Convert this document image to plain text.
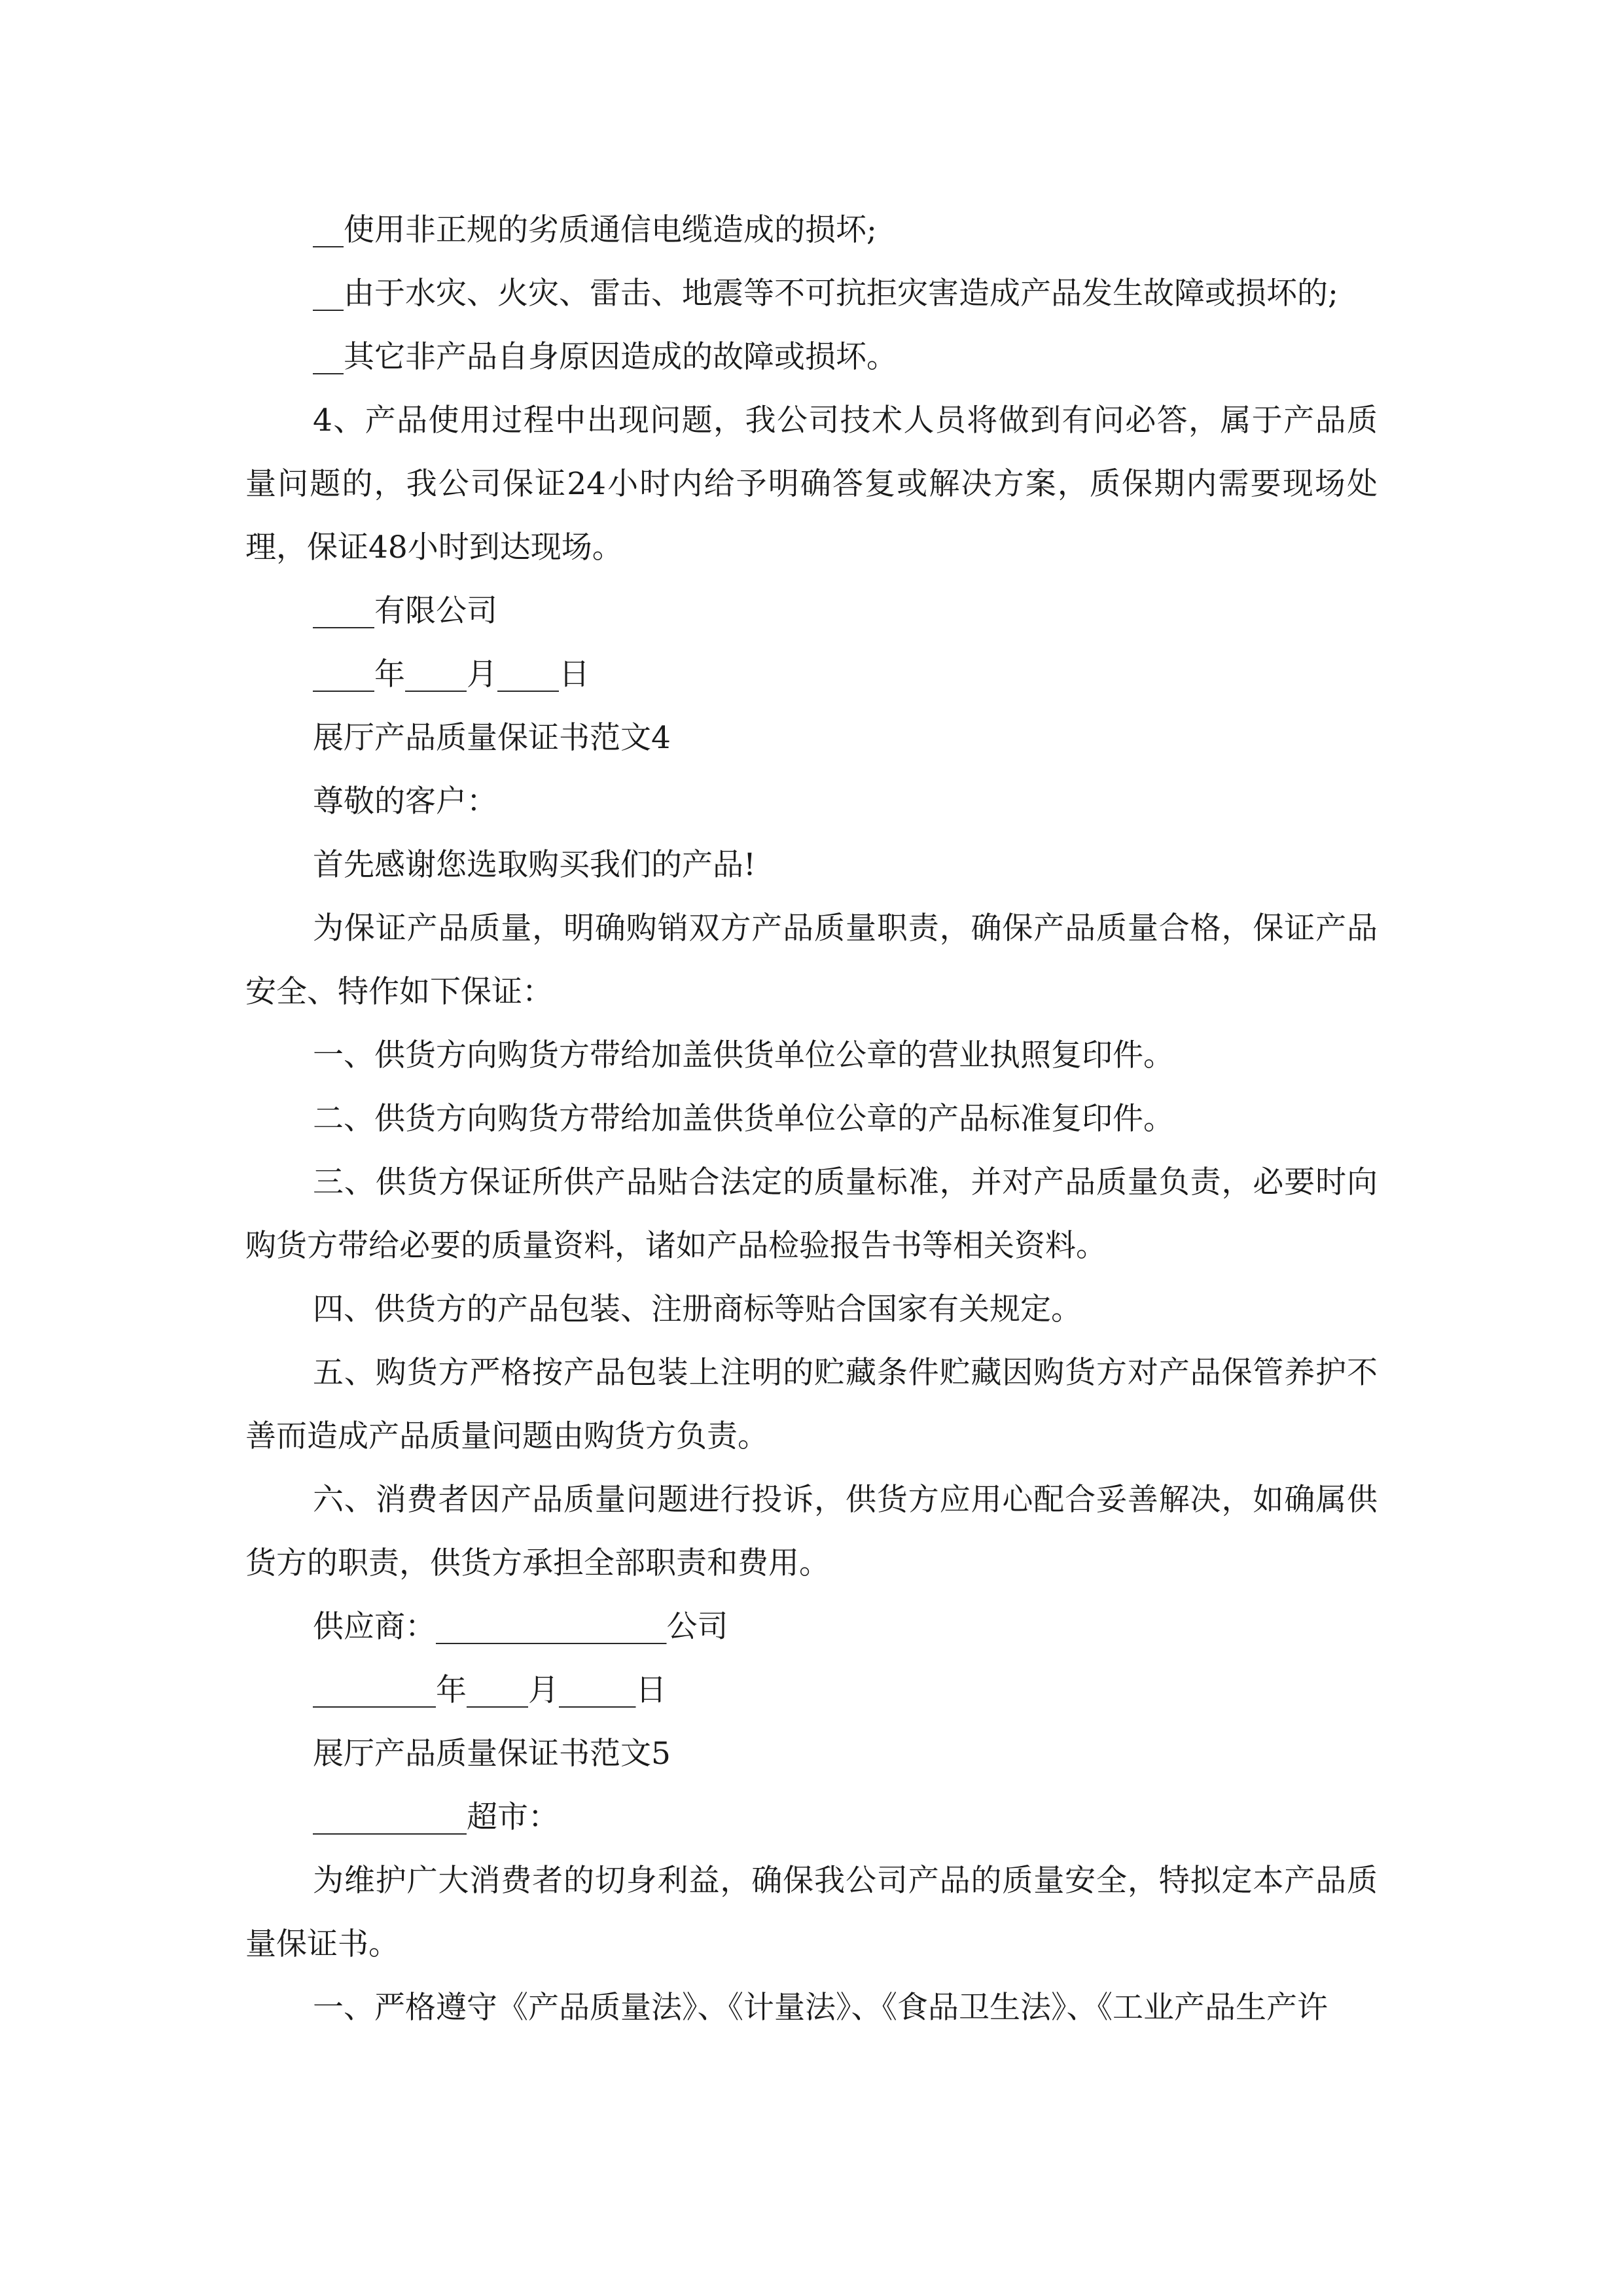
__使用非正规的劣质通信电缆造成的损坏;

__由于水灾、火灾、雷击、地震等不可抗拒灾害造成产品发生故障或损坏的;

__其它非产品自身原因造成的故障或损坏。

4、产品使用过程中出现问题，我公司技术人员将做到有问必答，属于产品质量问题的，我公司保证24小时内给予明确答复或解决方案，质保期内需要现场处理，保证48小时到达现场。

____有限公司

____年____月____日

展厅产品质量保证书范文4

尊敬的客户：

首先感谢您选取购买我们的产品!

为保证产品质量，明确购销双方产品质量职责，确保产品质量合格，保证产品安全、特作如下保证：

一、供货方向购货方带给加盖供货单位公章的营业执照复印件。

二、供货方向购货方带给加盖供货单位公章的产品标准复印件。

三、供货方保证所供产品贴合法定的质量标准，并对产品质量负责，必要时向购货方带给必要的质量资料，诸如产品检验报告书等相关资料。

四、供货方的产品包装、注册商标等贴合国家有关规定。

五、购货方严格按产品包装上注明的贮藏条件贮藏因购货方对产品保管养护不善而造成产品质量问题由购货方负责。

六、消费者因产品质量问题进行投诉，供货方应用心配合妥善解决，如确属供货方的职责，供货方承担全部职责和费用。

供应商：_______________公司

________年____月_____日

展厅产品质量保证书范文5

__________超市：

为维护广大消费者的切身利益，确保我公司产品的质量安全，特拟定本产品质量保证书。

一、严格遵守《产品质量法》、《计量法》、《食品卫生法》、《工业产品生产许
